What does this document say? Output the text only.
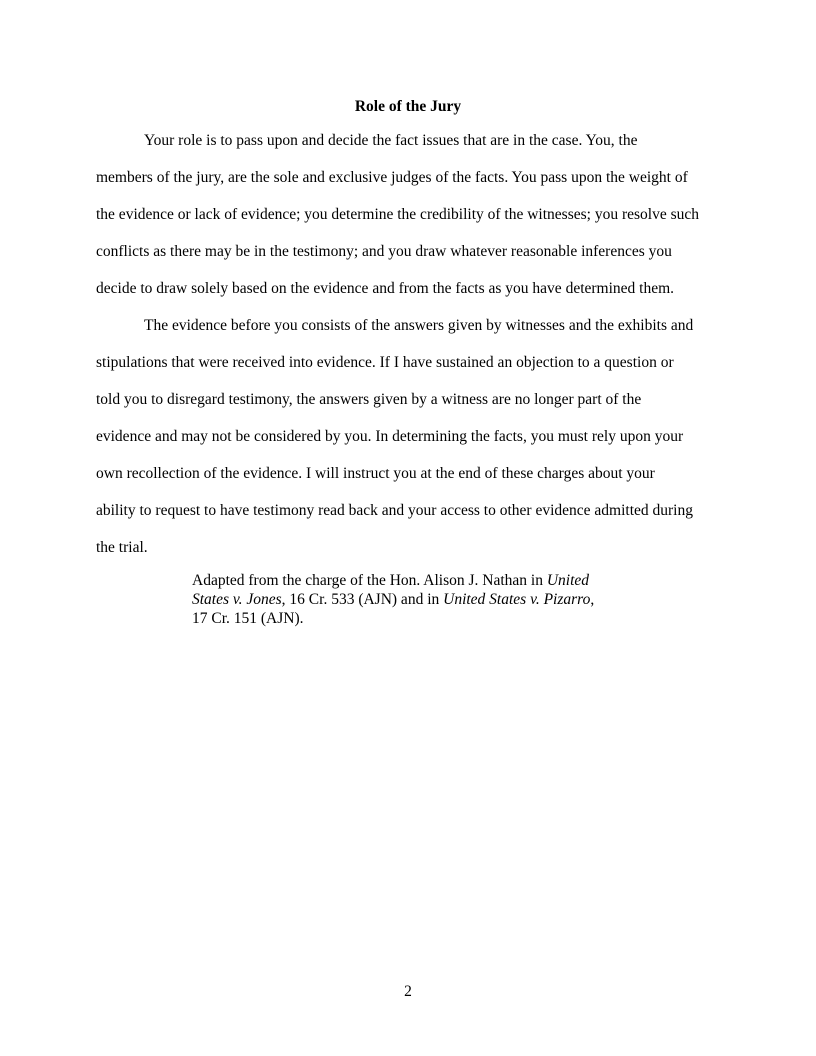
Role of the Jury
Your role is to pass upon and decide the fact issues that are in the case. You, the
members of the jury, are the sole and exclusive judges of the facts. You pass upon the weight of
the evidence or lack of evidence; you determine the credibility of the witnesses; you resolve such
conflicts as there may be in the testimony; and you draw whatever reasonable inferences you
decide to draw solely based on the evidence and from the facts as you have determined them.
The evidence before you consists of the answers given by witnesses and the exhibits and
stipulations that were received into evidence. If I have sustained an objection to a question or
told you to disregard testimony, the answers given by a witness are no longer part of the
evidence and may not be considered by you. In determining the facts, you must rely upon your
own recollection of the evidence. I will instruct you at the end of these charges about your
ability to request to have testimony read back and your access to other evidence admitted during
the trial.
Adapted from the charge of the Hon. Alison J. Nathan in United
States v. Jones, 16 Cr. 533 (AJN) and in United States v. Pizarro,
17 Cr. 151 (AJN).
2
